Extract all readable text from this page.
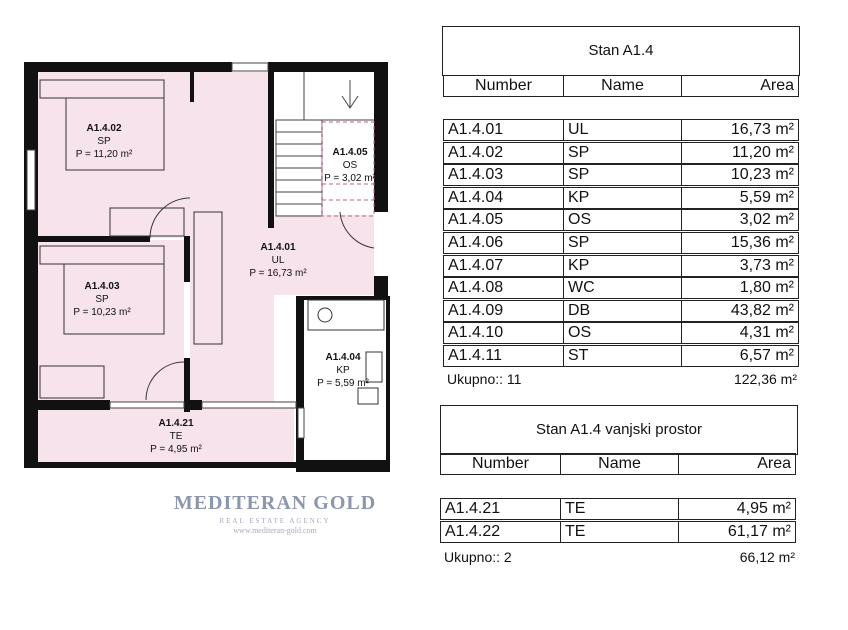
A1.4.02
SP
P = 11,20 m²	A1.4.05
OS
P = 3,02 m²
A1.4.01
UL
P = 16,73 m²
A1.4.03
SP
P = 10,23 m²
A1.4.04
KP
P = 5,59 m²
A1.4.21
TE
P = 4,95 m²
MEDITERAN GOLD
REAL ESTATE AGENCY
www.mediteran-gold.com
Stan A1.4
Number	Name	Area
A1.4.01	UL	16,73 m²
A1.4.02	SP	11,20 m²
A1.4.03	SP	10,23 m²
A1.4.04	KP	5,59 m²
A1.4.05	OS	3,02 m²
A1.4.06	SP	15,36 m²
A1.4.07	KP	3,73 m²
A1.4.08	WC	1,80 m²
A1.4.09	DB	43,82 m²
A1.4.10	OS	4,31 m²
A1.4.11	ST	6,57 m²
Ukupno:: 11	122,36 m²
Stan A1.4 vanjski prostor
Number	Name	Area
A1.4.21	TE	4,95 m²
A1.4.22	TE	61,17 m²
Ukupno:: 2	66,12 m²
